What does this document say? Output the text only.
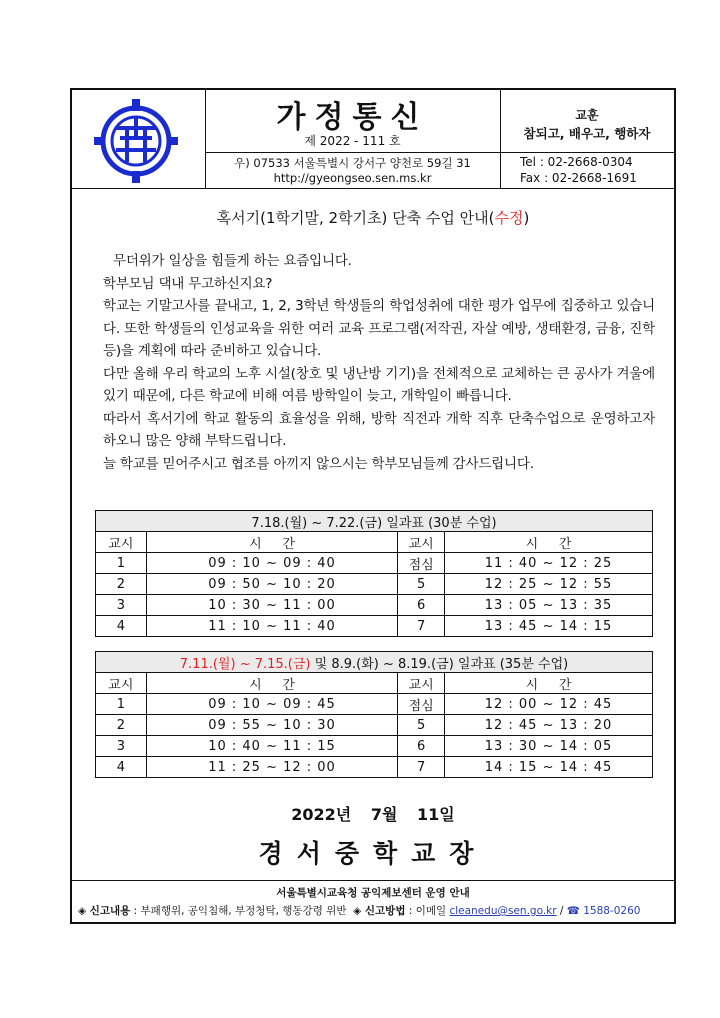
가정통신
제 2022 - 111 호
우) 07533 서울특별시 강서구 양천로 59길 31
http://gyeongseo.sen.ms.kr
교훈
참되고, 배우고, 행하자
Tel : 02-2668-0304
Fax : 02-2668-1691
혹서기(1학기말, 2학기초) 단축 수업 안내(수정)

무더위가 일상을 힘들게 하는 요즘입니다.

학부모님 댁내 무고하신지요?

학교는 기말고사를 끝내고, 1, 2, 3학년 학생들의 학업성취에 대한 평가 업무에 집중하고 있습니다. 또한 학생들의 인성교육을 위한 여러 교육 프로그램(저작권, 자살 예방, 생태환경, 금융, 진학 등)을 계획에 따라 준비하고 있습니다.

다만 올해 우리 학교의 노후 시설(창호 및 냉난방 기기)을 전체적으로 교체하는 큰 공사가 겨울에 있기 때문에, 다른 학교에 비해 여름 방학일이 늦고, 개학일이 빠릅니다.

따라서 혹서기에 학교 활동의 효율성을 위해, 방학 직전과 개학 직후 단축수업으로 운영하고자 하오니 많은 양해 부탁드립니다.

늘 학교를 믿어주시고 협조를 아끼지 않으시는 학부모님들께 감사드립니다.

7.18.(월) ~ 7.22.(금) 일과표 (30분 수업)			
교시	시     간	교시	시     간
1	09 : 10 ~ 09 : 40	점심	11 : 40 ~ 12 : 25
2	09 : 50 ~ 10 : 20	5	12 : 25 ~ 12 : 55
3	10 : 30 ~ 11 : 00	6	13 : 05 ~ 13 : 35
4	11 : 10 ~ 11 : 40	7	13 : 45 ~ 14 : 15
7.11.(월) ~ 7.15.(금) 및 8.9.(화) ~ 8.19.(금) 일과표 (35분 수업)			
교시	시     간	교시	시     간
1	09 : 10 ~ 09 : 45	점심	12 : 00 ~ 12 : 45
2	09 : 55 ~ 10 : 30	5	12 : 45 ~ 13 : 20
3	10 : 40 ~ 11 : 15	6	13 : 30 ~ 14 : 05
4	11 : 25 ~ 12 : 00	7	14 : 15 ~ 14 : 45
2022년 7월 11일
경서중학교장
서울특별시교육청 공익제보센터 운영 안내
◈ 신고내용 : 부패행위, 공익침해, 부정청탁, 행동강령 위반 ◈ 신고방법 : 이메일 cleanedu@sen.go.kr / ☎ 1588-0260
